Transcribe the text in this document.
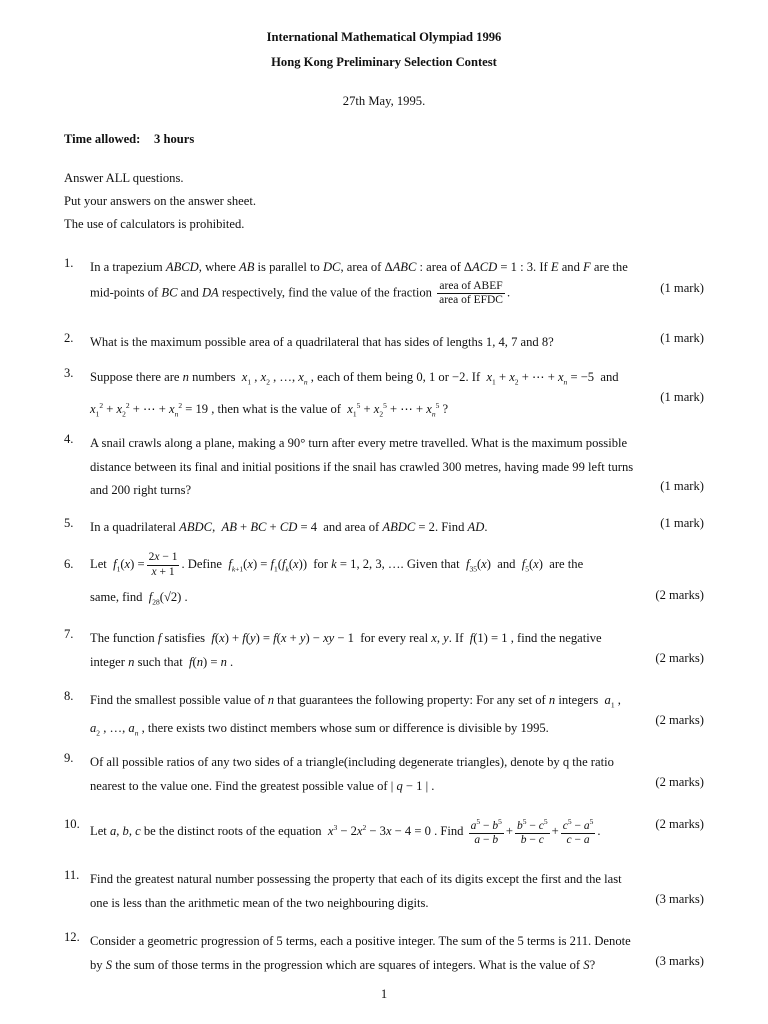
International Mathematical Olympiad 1996
Hong Kong Preliminary Selection Contest
27th May, 1995.
Time allowed: 3 hours
Answer ALL questions.
Put your answers on the answer sheet.
The use of calculators is prohibited.
1. In a trapezium ABCD, where AB is parallel to DC, area of ΔABC : area of ΔACD = 1 : 3. If E and F are the
mid-points of BC and DA respectively, find the value of the fraction $\frac{\text{area of ABEF}}{\text{area of EFDC}}$ .	(1 mark)
2. What is the maximum possible area of a quadrilateral that has sides of lengths 1, 4, 7 and 8?	(1 mark)
3. Suppose there are n numbers  $x_1$ , $x_2$ , …, $x_n$ , each of them being 0, 1 or −2. If  $x_1 + x_2$ + ⋯ + $x_n = -5$  and
$x_1^2 + x_2^2$ + ⋯ + $x_n^2 = 19$ , then what is the value of  $x_1^5 + x_2^5$ + ⋯ + $x_n^5$ ?
(1 mark)
4. A snail crawls along a plane, making a 90° turn after every metre travelled. What is the maximum possible
distance between its final and initial positions if the snail has crawled 300 metres, having made 99 left turns
and 200 right turns?	(1 mark)
5. In a quadrilateral ABDC,  AB + BC + CD = 4  and area of ABDC = 2. Find AD.	(1 mark)
6. Let  $f_1(x) = \frac{2x - 1}{x + 1}$ . Define  $f_{k+1}(x) = f_1(f_k(x))$  for k = 1, 2, 3, …. Given that  $f_{35}(x)$  and  $f_5(x)$  are the
same, find  $f_{28}(√2)$ .	(2 marks)
7. The function f satisfies  f(x) + f(y) = f(x + y) − xy − 1  for every real x, y. If  f(1) = 1 , find the negative
integer n such that  f(n) = n .	(2 marks)
8. Find the smallest possible value of n that guarantees the following property: For any set of n integers  $a_1$ ,
$a_2$ , …, $a_n$ , there exists two distinct members whose sum or difference is divisible by 1995.
(2 marks)
9. Of all possible ratios of any two sides of a triangle(including degenerate triangles), denote by q the ratio
nearest to the value one. Find the greatest possible value of | q − 1 | .	(2 marks)
10.
Let a, b, c be the distinct roots of the equation  $x^3 - 2x^2 - 3x - 4 = 0$ . Find $\frac{a^5 - b^5}{a - b} + \frac{b^5 - c^5}{b - c} + \frac{c^5 - a^5}{c - a}$ .
(2 marks)
11. Find the greatest natural number possessing the property that each of its digits except the first and the last
one is less than the arithmetic mean of the two neighbouring digits.	(3 marks)
12. Consider a geometric progression of 5 terms, each a positive integer. The sum of the 5 terms is 211. Denote
by S the sum of those terms in the progression which are squares of integers. What is the value of S?	(3 marks)
1
